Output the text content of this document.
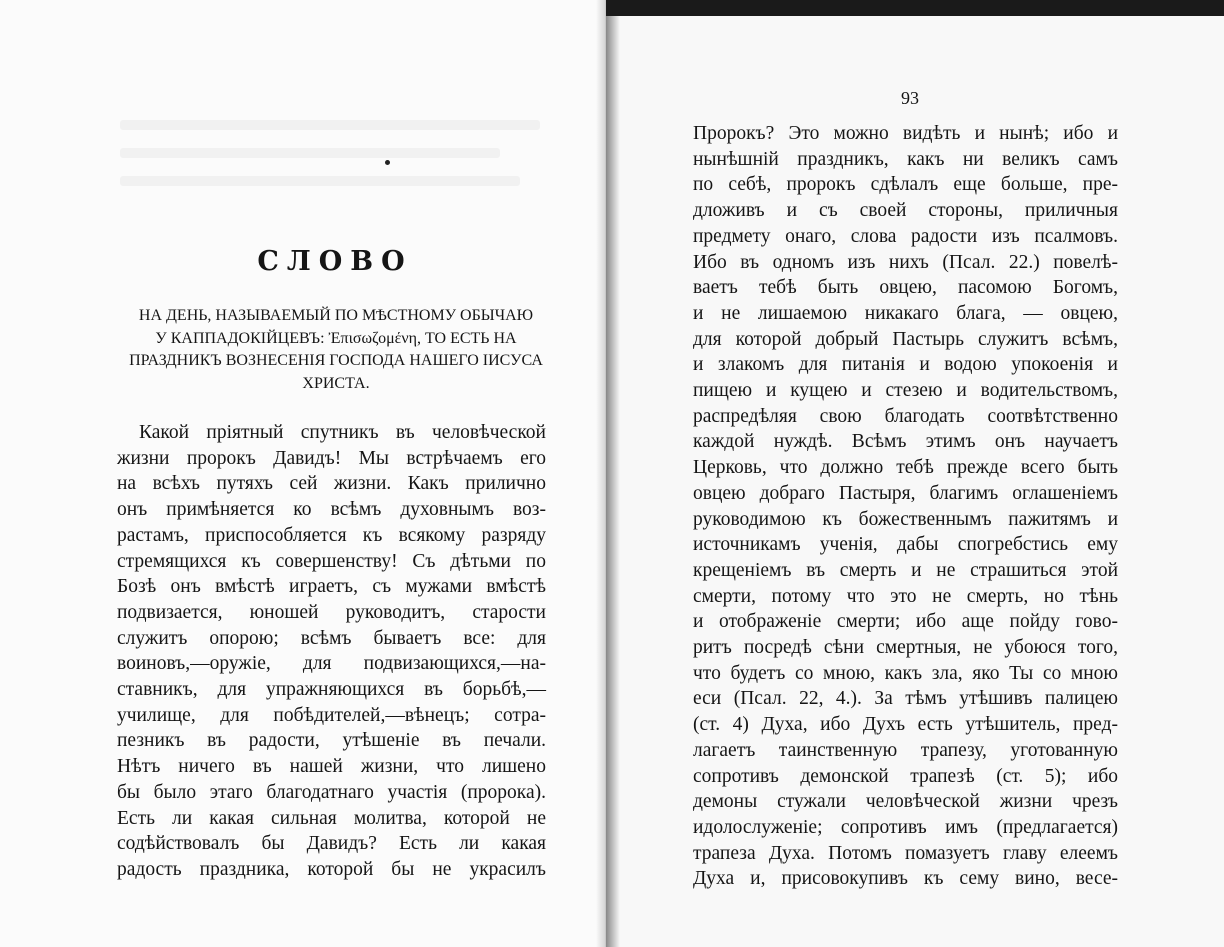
СЛОВО
НА ДЕНЬ, НАЗЫВАЕМЫЙ ПО МѢСТНОМУ ОБЫЧАЮ
У КАППАДОКІЙЦЕВЪ: Ἐπισωζομένη, ТО ЕСТЬ НА
ПРАЗДНИКЪ ВОЗНЕСЕНІЯ ГОСПОДА НАШЕГО ІИСУСА
ХРИСТА.
Какой пріятный спутникъ въ человѣческой
жизни пророкъ Давидъ! Мы встрѣчаемъ его
на всѣхъ путяхъ сей жизни. Какъ прилично
онъ примѣняется ко всѣмъ духовнымъ воз-
растамъ, приспособляется къ всякому разряду
стремящихся къ совершенству! Съ дѣтьми по
Бозѣ онъ вмѣстѣ играетъ, съ мужами вмѣстѣ
подвизается, юношей руководитъ, старости
служитъ опорою; всѣмъ бываетъ все: для
воиновъ,—оружіе, для подвизающихся,—на-
ставникъ, для упражняющихся въ борьбѣ,—
училище, для побѣдителей,—вѣнецъ; сотра-
пезникъ въ радости, утѣшеніе въ печали.
Нѣтъ ничего въ нашей жизни, что лишено
бы было этаго благодатнаго участія (пророка).
Есть ли какая сильная молитва, которой не
содѣйствовалъ бы Давидъ? Есть ли какая
радость праздника, которой бы не украсилъ
93
Пророкъ? Это можно видѣть и нынѣ; ибо и
нынѣшній праздникъ, какъ ни великъ самъ
по себѣ, пророкъ сдѣлалъ еще больше, пре-
дложивъ и съ своей стороны, приличныя
предмету онаго, слова радости изъ псалмовъ.
Ибо въ одномъ изъ нихъ (Псал. 22.) повелѣ-
ваетъ тебѣ быть овцею, пасомою Богомъ,
и не лишаемою никакаго блага, — овцею,
для которой добрый Пастырь служитъ всѣмъ,
и злакомъ для питанія и водою упокоенія и
пищею и кущею и стезею и водительствомъ,
распредѣляя свою благодать соотвѣтственно
каждой нуждѣ. Всѣмъ этимъ онъ научаетъ
Церковь, что должно тебѣ прежде всего быть
овцею добраго Пастыря, благимъ оглашеніемъ
руководимою къ божественнымъ пажитямъ и
источникамъ ученія, дабы спогребстись ему
крещеніемъ въ смерть и не страшиться этой
смерти, потому что это не смерть, но тѣнь
и отображеніе смерти; ибо аще пойду гово-
ритъ посредѣ сѣни смертныя, не убоюся того,
что будетъ со мною, какъ зла, яко Ты со мною
еси (Псал. 22, 4.). За тѣмъ утѣшивъ палицею
(ст. 4) Духа, ибо Духъ есть утѣшитель, пред-
лагаетъ таинственную трапезу, уготованную
сопротивъ демонской трапезѣ (ст. 5); ибо
демоны стужали человѣческой жизни чрезъ
идолослуженіе; сопротивъ имъ (предлагается)
трапеза Духа. Потомъ помазуетъ главу елеемъ
Духа и, присовокупивъ къ сему вино, весе-
